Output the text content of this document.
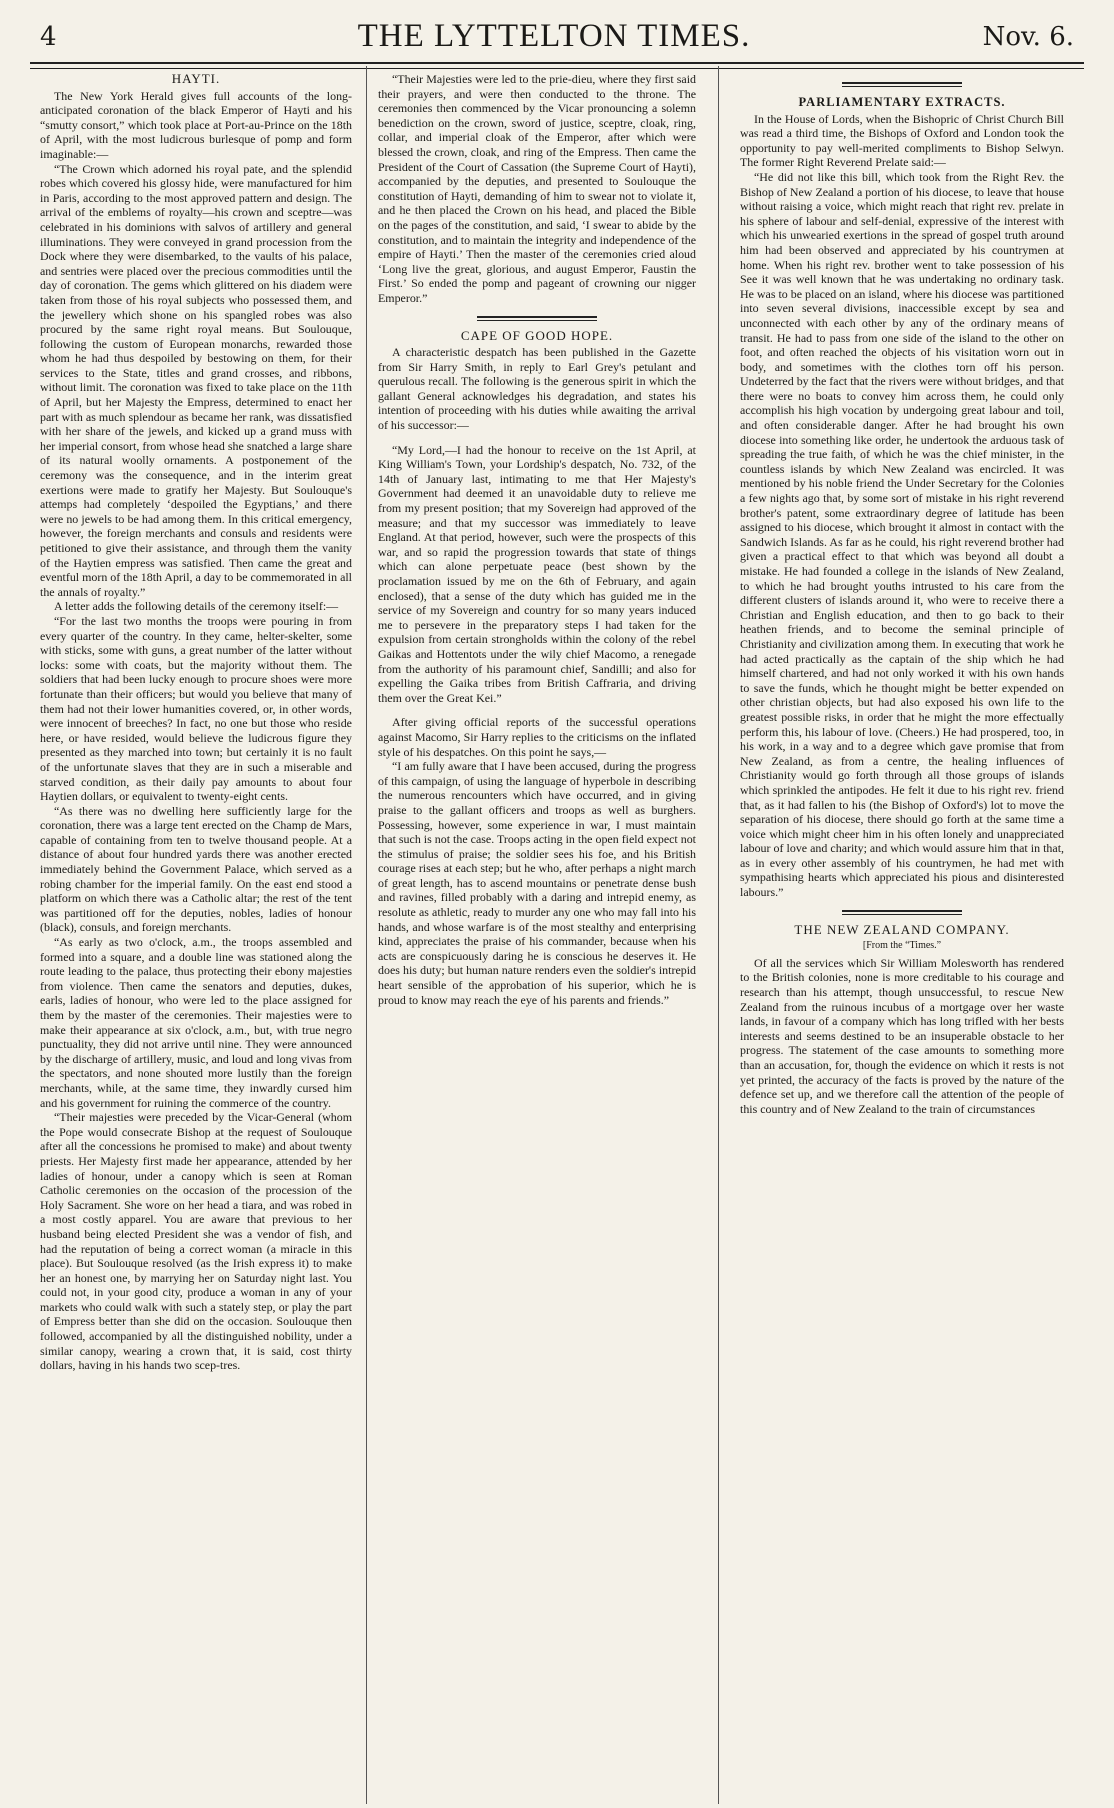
4	THE LYTTELTON TIMES.	Nov. 6.
HAYTI.

The New York Herald gives full accounts of the long-anticipated coronation of the black Emperor of Hayti and his “smutty consort,” which took place at Port-au-Prince on the 18th of April, with the most ludicrous burlesque of pomp and form imaginable:—

“The Crown which adorned his royal pate, and the splendid robes which covered his glossy hide, were manufactured for him in Paris, according to the most approved pattern and design. The arrival of the emblems of royalty—his crown and sceptre—was celebrated in his dominions with salvos of artillery and general illuminations. They were conveyed in grand procession from the Dock where they were disembarked, to the vaults of his palace, and sentries were placed over the precious commodities until the day of coronation. The gems which glittered on his diadem were taken from those of his royal subjects who possessed them, and the jewellery which shone on his spangled robes was also procured by the same right royal means. But Soulouque, following the custom of European monarchs, rewarded those whom he had thus despoiled by bestowing on them, for their services to the State, titles and grand crosses, and ribbons, without limit. The coronation was fixed to take place on the 11th of April, but her Majesty the Empress, determined to enact her part with as much splendour as became her rank, was dissatisfied with her share of the jewels, and kicked up a grand muss with her imperial consort, from whose head she snatched a large share of its natural woolly ornaments. A postponement of the ceremony was the consequence, and in the interim great exertions were made to gratify her Majesty. But Soulouque's attemps had completely ‘despoiled the Egyptians,’ and there were no jewels to be had among them. In this critical emergency, however, the foreign merchants and consuls and residents were petitioned to give their assistance, and through them the vanity of the Haytien empress was satisfied. Then came the great and eventful morn of the 18th April, a day to be commemorated in all the annals of royalty.”

A letter adds the following details of the ceremony itself:—

“For the last two months the troops were pouring in from every quarter of the country. In they came, helter-skelter, some with sticks, some with guns, a great number of the latter without locks: some with coats, but the majority without them. The soldiers that had been lucky enough to procure shoes were more fortunate than their officers; but would you believe that many of them had not their lower humanities covered, or, in other words, were innocent of breeches? In fact, no one but those who reside here, or have resided, would believe the ludicrous figure they presented as they marched into town; but certainly it is no fault of the unfortunate slaves that they are in such a miserable and starved condition, as their daily pay amounts to about four Haytien dollars, or equivalent to twenty-eight cents.

“As there was no dwelling here sufficiently large for the coronation, there was a large tent erected on the Champ de Mars, capable of containing from ten to twelve thousand people. At a distance of about four hundred yards there was another erected immediately behind the Government Palace, which served as a robing chamber for the imperial family. On the east end stood a platform on which there was a Catholic altar; the rest of the tent was partitioned off for the deputies, nobles, ladies of honour (black), consuls, and foreign merchants.

“As early as two o'clock, a.m., the troops assembled and formed into a square, and a double line was stationed along the route leading to the palace, thus protecting their ebony majesties from violence. Then came the senators and deputies, dukes, earls, ladies of honour, who were led to the place assigned for them by the master of the ceremonies. Their majesties were to make their appearance at six o'clock, a.m., but, with true negro punctuality, they did not arrive until nine. They were announced by the discharge of artillery, music, and loud and long vivas from the spectators, and none shouted more lustily than the foreign merchants, while, at the same time, they inwardly cursed him and his government for ruining the commerce of the country.

“Their majesties were preceded by the Vicar-General (whom the Pope would consecrate Bishop at the request of Soulouque after all the concessions he promised to make) and about twenty priests. Her Majesty first made her appearance, attended by her ladies of honour, under a canopy which is seen at Roman Catholic ceremonies on the occasion of the procession of the Holy Sacrament. She wore on her head a tiara, and was robed in a most costly apparel. You are aware that previous to her husband being elected President she was a vendor of fish, and had the reputation of being a correct woman (a miracle in this place). But Soulouque resolved (as the Irish express it) to make her an honest one, by marrying her on Saturday night last. You could not, in your good city, produce a woman in any of your markets who could walk with such a stately step, or play the part of Empress better than she did on the occasion. Soulouque then followed, accompanied by all the distinguished nobility, under a similar canopy, wearing a crown that, it is said, cost thirty dollars, having in his hands two scep-tres.

“Their Majesties were led to the prie-dieu, where they first said their prayers, and were then conducted to the throne. The ceremonies then commenced by the Vicar pronouncing a solemn benediction on the crown, sword of justice, sceptre, cloak, ring, collar, and imperial cloak of the Emperor, after which were blessed the crown, cloak, and ring of the Empress. Then came the President of the Court of Cassation (the Supreme Court of Hayti), accompanied by the deputies, and presented to Soulouque the constitution of Hayti, demanding of him to swear not to violate it, and he then placed the Crown on his head, and placed the Bible on the pages of the constitution, and said, ‘I swear to abide by the constitution, and to maintain the integrity and independence of the empire of Hayti.’ Then the master of the ceremonies cried aloud ‘Long live the great, glorious, and august Emperor, Faustin the First.’ So ended the pomp and pageant of crowning our nigger Emperor.”

CAPE OF GOOD HOPE.

A characteristic despatch has been published in the Gazette from Sir Harry Smith, in reply to Earl Grey's petulant and querulous recall. The following is the generous spirit in which the gallant General acknowledges his degradation, and states his intention of proceeding with his duties while awaiting the arrival of his successor:—

“My Lord,—I had the honour to receive on the 1st April, at King William's Town, your Lordship's despatch, No. 732, of the 14th of January last, intimating to me that Her Majesty's Government had deemed it an unavoidable duty to relieve me from my present position; that my Sovereign had approved of the measure; and that my successor was immediately to leave England. At that period, however, such were the prospects of this war, and so rapid the progression towards that state of things which can alone perpetuate peace (best shown by the proclamation issued by me on the 6th of February, and again enclosed), that a sense of the duty which has guided me in the service of my Sovereign and country for so many years induced me to persevere in the preparatory steps I had taken for the expulsion from certain strongholds within the colony of the rebel Gaikas and Hottentots under the wily chief Macomo, a renegade from the authority of his paramount chief, Sandilli; and also for expelling the Gaika tribes from British Caffraria, and driving them over the Great Kei.”

After giving official reports of the successful operations against Macomo, Sir Harry replies to the criticisms on the inflated style of his despatches. On this point he says,—

“I am fully aware that I have been accused, during the progress of this campaign, of using the language of hyperbole in describing the numerous rencounters which have occurred, and in giving praise to the gallant officers and troops as well as burghers. Possessing, however, some experience in war, I must maintain that such is not the case. Troops acting in the open field expect not the stimulus of praise; the soldier sees his foe, and his British courage rises at each step; but he who, after perhaps a night march of great length, has to ascend mountains or penetrate dense bush and ravines, filled probably with a daring and intrepid enemy, as resolute as athletic, ready to murder any one who may fall into his hands, and whose warfare is of the most stealthy and enterprising kind, appreciates the praise of his commander, because when his acts are conspicuously daring he is conscious he deserves it. He does his duty; but human nature renders even the soldier's intrepid heart sensible of the approbation of his superior, which he is proud to know may reach the eye of his parents and friends.”

PARLIAMENTARY EXTRACTS.

In the House of Lords, when the Bishopric of Christ Church Bill was read a third time, the Bishops of Oxford and London took the opportunity to pay well-merited compliments to Bishop Selwyn. The former Right Reverend Prelate said:—

“He did not like this bill, which took from the Right Rev. the Bishop of New Zealand a portion of his diocese, to leave that house without raising a voice, which might reach that right rev. prelate in his sphere of labour and self-denial, expressive of the interest with which his unwearied exertions in the spread of gospel truth around him had been observed and appreciated by his countrymen at home. When his right rev. brother went to take possession of his See it was well known that he was undertaking no ordinary task. He was to be placed on an island, where his diocese was partitioned into seven several divisions, inaccessible except by sea and unconnected with each other by any of the ordinary means of transit. He had to pass from one side of the island to the other on foot, and often reached the objects of his visitation worn out in body, and sometimes with the clothes torn off his person. Undeterred by the fact that the rivers were without bridges, and that there were no boats to convey him across them, he could only accomplish his high vocation by undergoing great labour and toil, and often considerable danger. After he had brought his own diocese into something like order, he undertook the arduous task of spreading the true faith, of which he was the chief minister, in the countless islands by which New Zealand was encircled. It was mentioned by his noble friend the Under Secretary for the Colonies a few nights ago that, by some sort of mistake in his right reverend brother's patent, some extraordinary degree of latitude has been assigned to his diocese, which brought it almost in contact with the Sandwich Islands. As far as he could, his right reverend brother had given a practical effect to that which was beyond all doubt a mistake. He had founded a college in the islands of New Zealand, to which he had brought youths intrusted to his care from the different clusters of islands around it, who were to receive there a Christian and English education, and then to go back to their heathen friends, and to become the seminal principle of Christianity and civilization among them. In executing that work he had acted practically as the captain of the ship which he had himself chartered, and had not only worked it with his own hands to save the funds, which he thought might be better expended on other christian objects, but had also exposed his own life to the greatest possible risks, in order that he might the more effectually perform this, his labour of love. (Cheers.) He had prospered, too, in his work, in a way and to a degree which gave promise that from New Zealand, as from a centre, the healing influences of Christianity would go forth through all those groups of islands which sprinkled the antipodes. He felt it due to his right rev. friend that, as it had fallen to his (the Bishop of Oxford's) lot to move the separation of his diocese, there should go forth at the same time a voice which might cheer him in his often lonely and unappreciated labour of love and charity; and which would assure him that in that, as in every other assembly of his countrymen, he had met with sympathising hearts which appreciated his pious and disinterested labours.”

THE NEW ZEALAND COMPANY.
[From the “Times.”

Of all the services which Sir William Molesworth has rendered to the British colonies, none is more creditable to his courage and research than his attempt, though unsuccessful, to rescue New Zealand from the ruinous incubus of a mortgage over her waste lands, in favour of a company which has long trifled with her bests interests and seems destined to be an insuperable obstacle to her progress. The statement of the case amounts to something more than an accusation, for, though the evidence on which it rests is not yet printed, the accuracy of the facts is proved by the nature of the defence set up, and we therefore call the attention of the people of this country and of New Zealand to the train of circumstances
